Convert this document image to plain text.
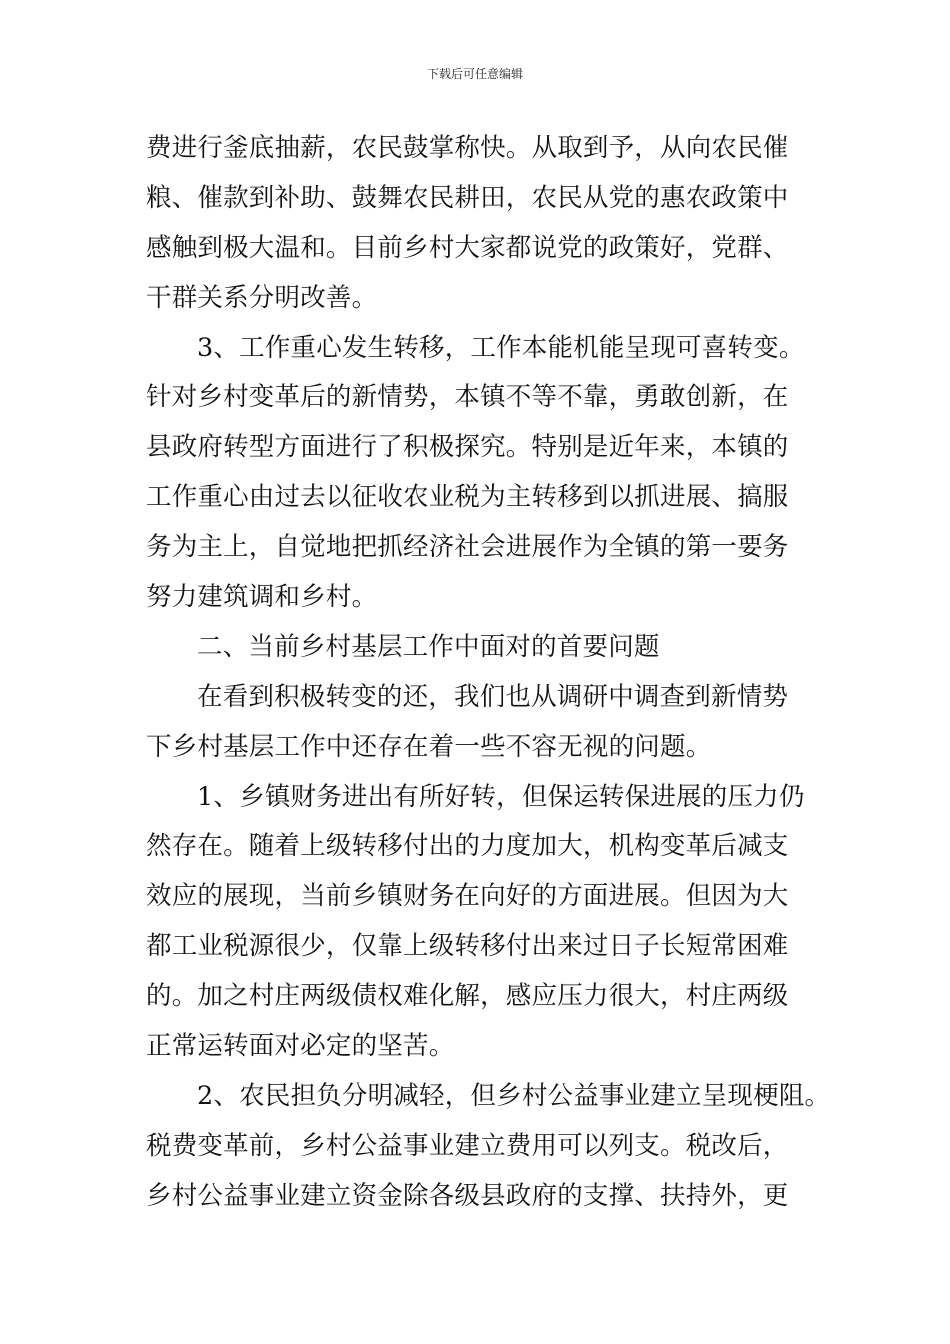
下载后可任意编辑
费进行釜底抽薪，农民鼓掌称快。从取到予，从向农民催
粮、催款到补助、鼓舞农民耕田，农民从党的惠农政策中
感触到极大温和。目前乡村大家都说党的政策好，党群、
干群关系分明改善。
3、工作重心发生转移，工作本能机能呈现可喜转变。
针对乡村变革后的新情势，本镇不等不靠，勇敢创新，在
县政府转型方面进行了积极探究。特别是近年来，本镇的
工作重心由过去以征收农业税为主转移到以抓进展、搞服
务为主上，自觉地把抓经济社会进展作为全镇的第一要务
努力建筑调和乡村。
二、当前乡村基层工作中面对的首要问题
在看到积极转变的还，我们也从调研中调查到新情势
下乡村基层工作中还存在着一些不容无视的问题。
1、乡镇财务进出有所好转，但保运转保进展的压力仍
然存在。随着上级转移付出的力度加大，机构变革后减支
效应的展现，当前乡镇财务在向好的方面进展。但因为大
都工业税源很少，仅靠上级转移付出来过日子长短常困难
的。加之村庄两级债权难化解，感应压力很大，村庄两级
正常运转面对必定的坚苦。
2、农民担负分明减轻，但乡村公益事业建立呈现梗阻。
税费变革前，乡村公益事业建立费用可以列支。税改后，
乡村公益事业建立资金除各级县政府的支撑、扶持外，更
